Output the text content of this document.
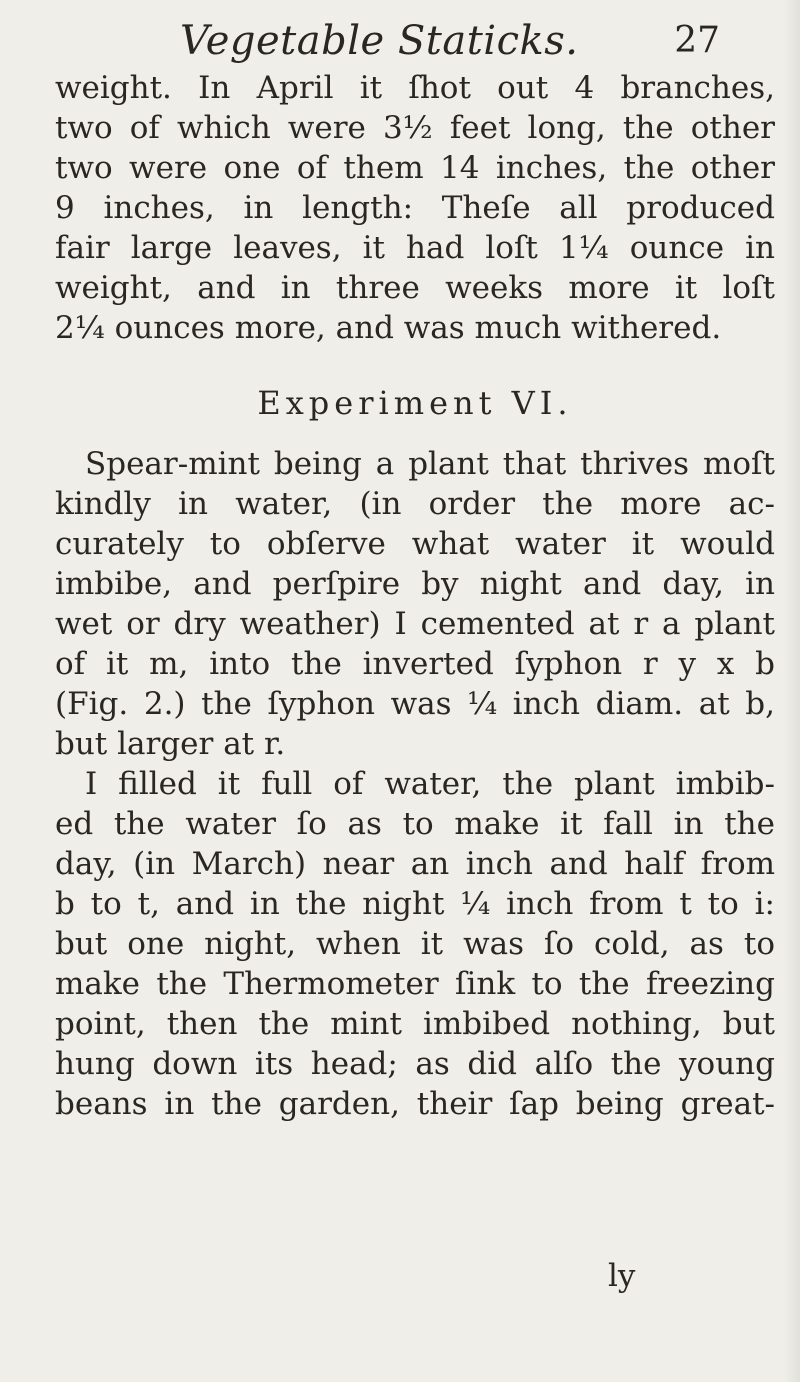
Vegetable Staticks.	27
weight. In April it ſhot out 4 branches,
two of which were 3½ feet long, the other
two were one of them 14 inches, the other
9 inches, in length: Theſe all produced
fair large leaves, it had loſt 1¼ ounce in
weight, and in three weeks more it loſt
2¼ ounces more, and was much withered.
Experiment VI.
Spear-mint being a plant that thrives moſt
kindly in water, (in order the more ac-
curately to obſerve what water it would
imbibe, and perſpire by night and day, in
wet or dry weather) I cemented at r a plant
of it m, into the inverted ſyphon r y x b
(Fig. 2.) the ſyphon was ¼ inch diam. at b,
but larger at r.
I filled it full of water, the plant imbib-
ed the water ſo as to make it fall in the
day, (in March) near an inch and half from
b to t, and in the night ¼ inch from t to i:
but one night, when it was ſo cold, as to
make the Thermometer ſink to the freezing
point, then the mint imbibed nothing, but
hung down its head; as did alſo the young
beans in the garden, their ſap being great-
ly
